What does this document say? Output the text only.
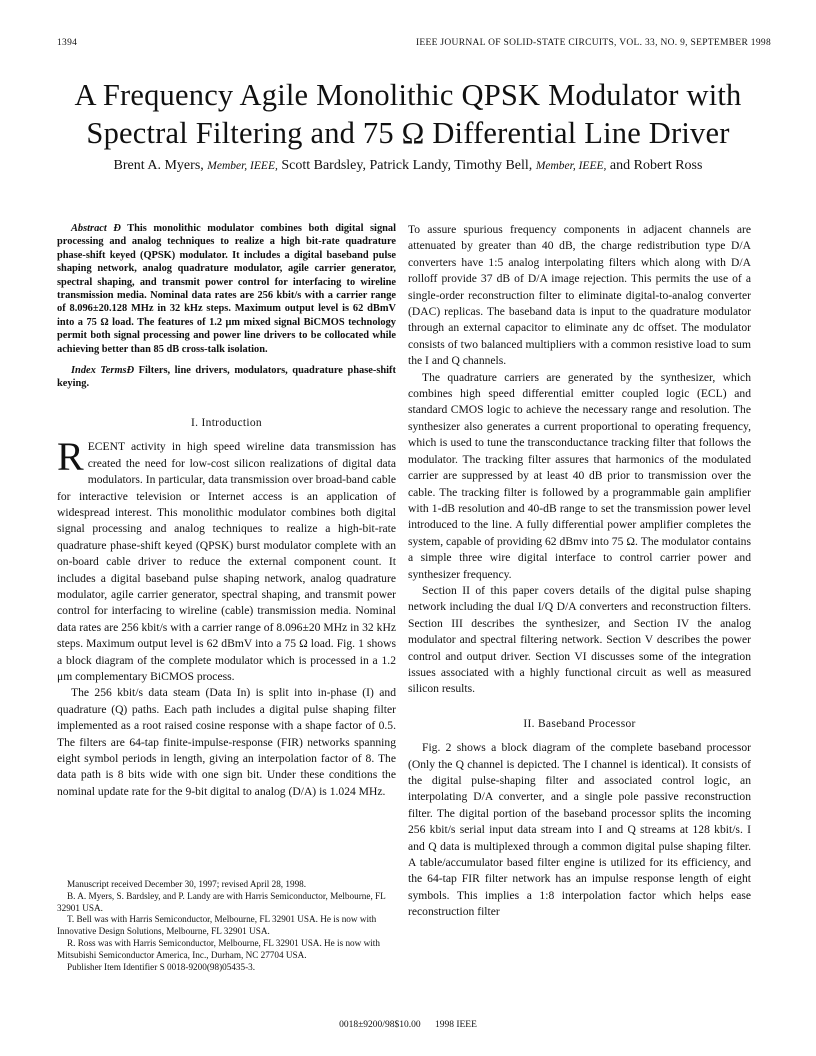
1394	IEEE JOURNAL OF SOLID-STATE CIRCUITS, VOL. 33, NO. 9, SEPTEMBER 1998
A Frequency Agile Monolithic QPSK Modulator with
Spectral Filtering and 75 Ω Differential Line Driver
Brent A. Myers, Member, IEEE, Scott Bardsley, Patrick Landy, Timothy Bell, Member, IEEE, and Robert Ross

Abstract Ð This monolithic modulator combines both digital signal processing and analog techniques to realize a high bit-rate quadrature phase-shift keyed (QPSK) modulator. It includes a digital baseband pulse shaping network, analog quadrature modulator, agile carrier generator, spectral shaping, and transmit power control for interfacing to wireline transmission media. Nominal data rates are 256 kbit/s with a carrier range of 8.096±20.128 MHz in 32 kHz steps. Maximum output level is 62 dBmV into a 75 Ω load. The features of 1.2 μm mixed signal BiCMOS technology permit both signal processing and power line drivers to be collocated while achieving better than 85 dB cross-talk isolation.

Index TermsÐ Filters, line drivers, modulators, quadrature phase-shift keying.

I. Introduction

RECENT activity in high speed wireline data transmission has created the need for low-cost silicon realizations of digital data modulators. In particular, data transmission over broad-band cable for interactive television or Internet access is an application of widespread interest. This monolithic modulator combines both digital signal processing and analog techniques to realize a high-bit-rate quadrature phase-shift keyed (QPSK) burst modulator complete with an on-board cable driver to reduce the external component count. It includes a digital baseband pulse shaping network, analog quadrature modulator, agile carrier generator, spectral shaping, and transmit power control for interfacing to wireline (cable) transmission media. Nominal data rates are 256 kbit/s with a carrier range of 8.096±20 MHz in 32 kHz steps. Maximum output level is 62 dBmV into a 75 Ω load. Fig. 1 shows a block diagram of the complete modulator which is processed in a 1.2 μm complementary BiCMOS process.

The 256 kbit/s data steam (Data In) is split into in-phase (I) and quadrature (Q) paths. Each path includes a digital pulse shaping filter implemented as a root raised cosine response with a shape factor of 0.5. The filters are 64-tap finite-impulse-response (FIR) networks spanning eight symbol periods in length, giving an interpolation factor of 8. The data path is 8 bits wide with one sign bit. Under these conditions the nominal update rate for the 9-bit digital to analog (D/A) is 1.024 MHz.

Manuscript received December 30, 1997; revised April 28, 1998.

B. A. Myers, S. Bardsley, and P. Landy are with Harris Semiconductor, Melbourne, FL 32901 USA.

T. Bell was with Harris Semiconductor, Melbourne, FL 32901 USA. He is now with Innovative Design Solutions, Melbourne, FL 32901 USA.

R. Ross was with Harris Semiconductor, Melbourne, FL 32901 USA. He is now with Mitsubishi Semiconductor America, Inc., Durham, NC 27704 USA.

Publisher Item Identifier S 0018-9200(98)05435-3.

To assure spurious frequency components in adjacent channels are attenuated by greater than 40 dB, the charge redistribution type D/A converters have 1:5 analog interpolating filters which along with D/A rolloff provide 37 dB of D/A image rejection. This permits the use of a single-order reconstruction filter to eliminate digital-to-analog converter (DAC) replicas. The baseband data is input to the quadrature modulator through an external capacitor to eliminate any dc offset. The modulator consists of two balanced multipliers with a common resistive load to sum the I and Q channels.

The quadrature carriers are generated by the synthesizer, which combines high speed differential emitter coupled logic (ECL) and standard CMOS logic to achieve the necessary range and resolution. The synthesizer also generates a current proportional to operating frequency, which is used to tune the transconductance tracking filter that follows the modulator. The tracking filter assures that harmonics of the modulated carrier are suppressed by at least 40 dB prior to transmission over the cable. The tracking filter is followed by a programmable gain amplifier with 1-dB resolution and 40-dB range to set the transmission power level introduced to the line. A fully differential power amplifier completes the system, capable of providing 62 dBmv into 75 Ω. The modulator contains a simple three wire digital interface to control carrier power and synthesizer frequency.

Section II of this paper covers details of the digital pulse shaping network including the dual I/Q D/A converters and reconstruction filters. Section III describes the synthesizer, and Section IV the analog modulator and spectral filtering network. Section V describes the power control and output driver. Section VI discusses some of the integration issues associated with a highly functional circuit as well as measured silicon results.

II. Baseband Processor

Fig. 2 shows a block diagram of the complete baseband processor (Only the Q channel is depicted. The I channel is identical). It consists of the digital pulse-shaping filter and associated control logic, an interpolating D/A converter, and a single pole passive reconstruction filter. The digital portion of the baseband processor splits the incoming 256 kbit/s serial input data stream into I and Q streams at 128 kbit/s. I and Q data is multiplexed through a common digital pulse shaping filter. A table/accumulator based filter engine is utilized for its efficiency, and the 64-tap FIR filter network has an impulse response length of eight symbols. This implies a 1:8 interpolation factor which helps ease reconstruction filter

0018±9200/98$10.00 1998 IEEE
